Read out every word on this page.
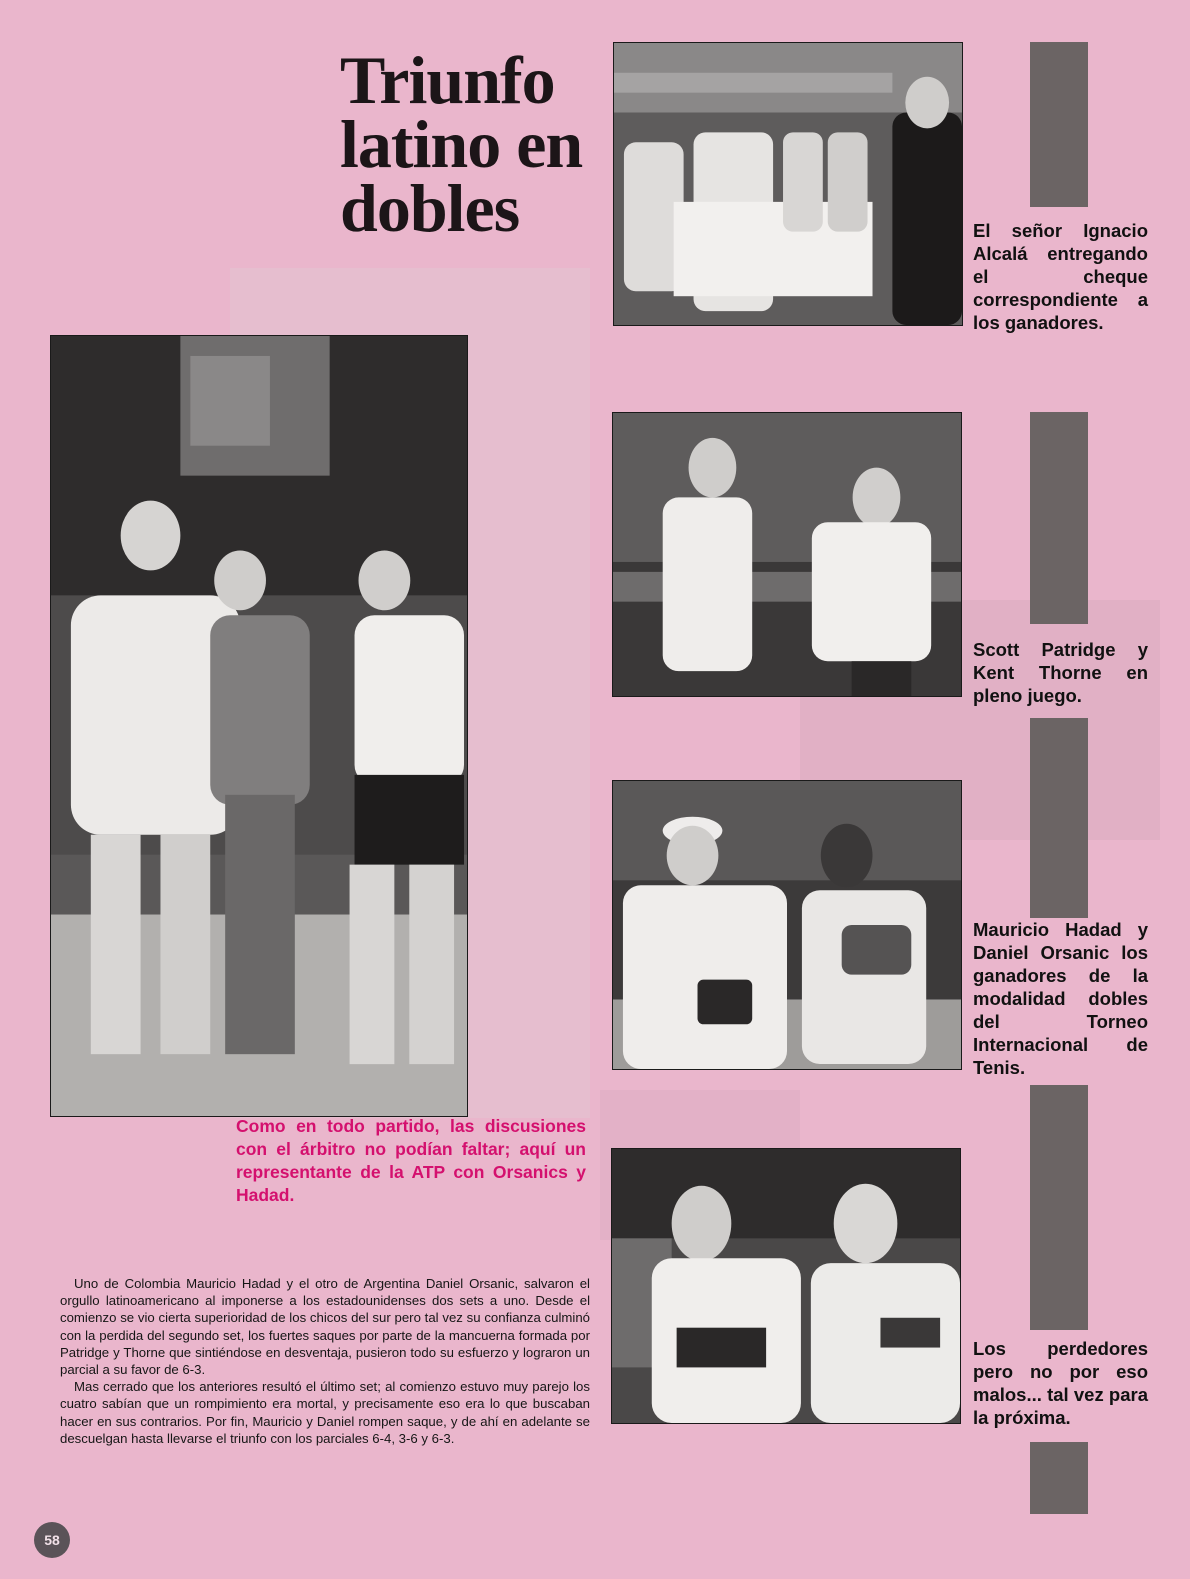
Triunfo
latino en
dobles
Como en todo partido, las discusiones con el árbitro no podían faltar; aquí un representante de la ATP con Orsanics y Hadad.
El señor Ignacio Alcalá entregando el cheque correspondiente a los ganadores.
Scott Patridge y Kent Thorne en pleno juego.
Mauricio Hadad y Daniel Orsanic los ganadores de la modalidad dobles del Torneo Internacional de Tenis.
Los perdedores pero no por eso malos... tal vez para la próxima.

Uno de Colombia Mauricio Hadad y el otro de Argentina Daniel Orsanic, salvaron el orgullo latinoamericano al imponerse a los estadounidenses dos sets a uno. Desde el comienzo se vio cierta superioridad de los chicos del sur pero tal vez su confianza culminó con la perdida del segundo set, los fuertes saques por parte de la mancuerna formada por Patridge y Thorne que sintiéndose en desventaja, pusieron todo su esfuerzo y lograron un parcial a su favor de 6-3.

Mas cerrado que los anteriores resultó el último set; al comienzo estuvo muy parejo los cuatro sabían que un rompimiento era mortal, y precisamente eso era lo que buscaban hacer en sus contrarios. Por fin, Mauricio y Daniel rompen saque, y de ahí en adelante se descuelgan hasta llevarse el triunfo con los parciales 6-4, 3-6 y 6-3.

58
